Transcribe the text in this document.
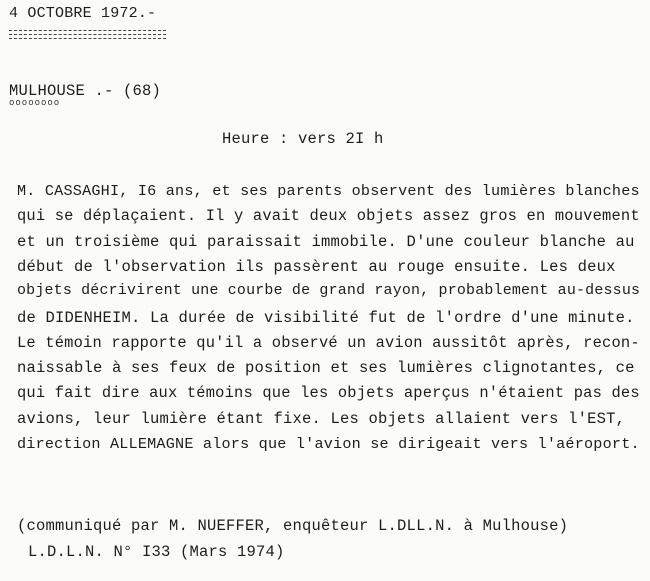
4 OCTOBRE 1972.-
MULHOUSE .- (68)
oooooooo
Heure : vers 2I h
M. CASSAGHI, I6 ans, et ses parents observent des lumières blanches
qui se déplaçaient. Il y avait deux objets assez gros en mouvement
et un troisième qui paraissait immobile. D'une couleur blanche au
début de l'observation ils passèrent au rouge ensuite. Les deux
objets décrivirent une courbe de grand rayon, probablement au-dessus
de DIDENHEIM. La durée de visibilité fut de l'ordre d'une minute.
Le témoin rapporte qu'il a observé un avion aussitôt après, recon-
naissable à ses feux de position et ses lumières clignotantes, ce
qui fait dire aux témoins que les objets aperçus n'étaient pas des
avions, leur lumière étant fixe. Les objets allaient vers l'EST,
direction ALLEMAGNE alors que l'avion se dirigeait vers l'aéroport.
(communiqué par M. NUEFFER, enquêteur L.DLL.N. à Mulhouse)
L.D.L.N. N° I33 (Mars 1974)
